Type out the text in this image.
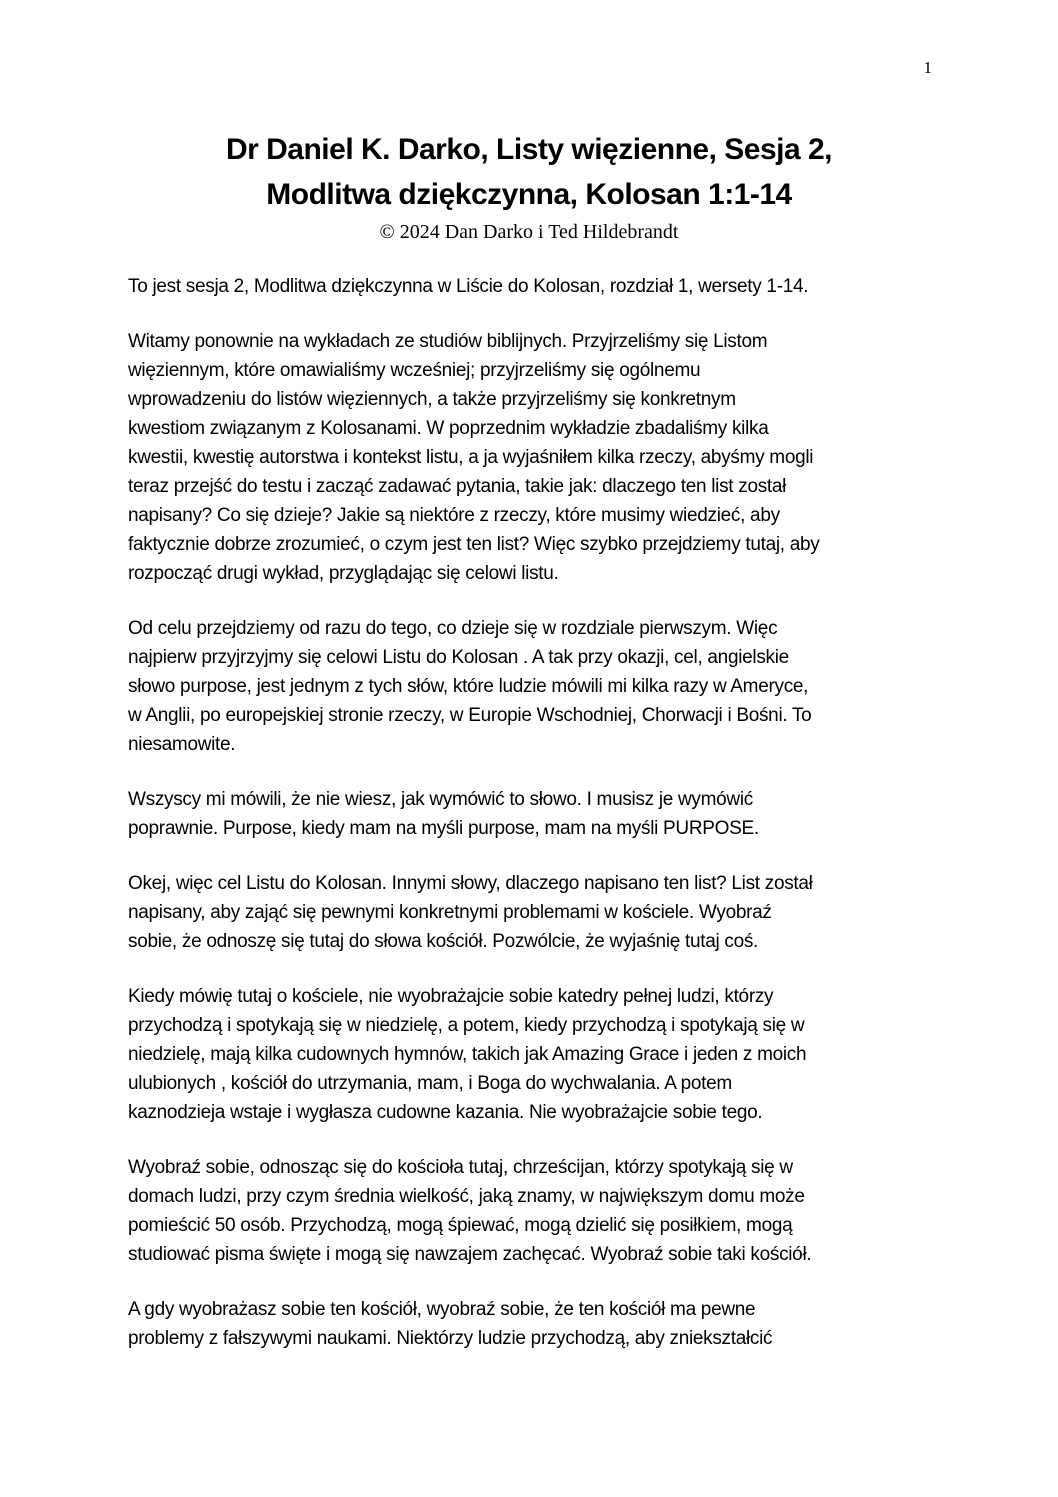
1
Dr Daniel K. Darko, Listy więzienne, Sesja 2,
Modlitwa dziękczynna, Kolosan 1:1-14
© 2024 Dan Darko i Ted Hildebrandt
To jest sesja 2, Modlitwa dziękczynna w Liście do Kolosan, rozdział 1, wersety 1-14.
Witamy ponownie na wykładach ze studiów biblijnych. Przyjrzeliśmy się Listom
więziennym, które omawialiśmy wcześniej; przyjrzeliśmy się ogólnemu
wprowadzeniu do listów więziennych, a także przyjrzeliśmy się konkretnym
kwestiom związanym z Kolosanami. W poprzednim wykładzie zbadaliśmy kilka
kwestii, kwestię autorstwa i kontekst listu, a ja wyjaśniłem kilka rzeczy, abyśmy mogli
teraz przejść do testu i zacząć zadawać pytania, takie jak: dlaczego ten list został
napisany? Co się dzieje? Jakie są niektóre z rzeczy, które musimy wiedzieć, aby
faktycznie dobrze zrozumieć, o czym jest ten list? Więc szybko przejdziemy tutaj, aby
rozpocząć drugi wykład, przyglądając się celowi listu.
Od celu przejdziemy od razu do tego, co dzieje się w rozdziale pierwszym. Więc
najpierw przyjrzyjmy się celowi Listu do Kolosan . A tak przy okazji, cel, angielskie
słowo purpose, jest jednym z tych słów, które ludzie mówili mi kilka razy w Ameryce,
w Anglii, po europejskiej stronie rzeczy, w Europie Wschodniej, Chorwacji i Bośni. To
niesamowite.
Wszyscy mi mówili, że nie wiesz, jak wymówić to słowo. I musisz je wymówić
poprawnie. Purpose, kiedy mam na myśli purpose, mam na myśli PURPOSE.
Okej, więc cel Listu do Kolosan. Innymi słowy, dlaczego napisano ten list? List został
napisany, aby zająć się pewnymi konkretnymi problemami w kościele. Wyobraź
sobie, że odnoszę się tutaj do słowa kościół. Pozwólcie, że wyjaśnię tutaj coś.
Kiedy mówię tutaj o kościele, nie wyobrażajcie sobie katedry pełnej ludzi, którzy
przychodzą i spotykają się w niedzielę, a potem, kiedy przychodzą i spotykają się w
niedzielę, mają kilka cudownych hymnów, takich jak Amazing Grace i jeden z moich
ulubionych , kościół do utrzymania, mam, i Boga do wychwalania. A potem
kaznodzieja wstaje i wygłasza cudowne kazania. Nie wyobrażajcie sobie tego.
Wyobraź sobie, odnosząc się do kościoła tutaj, chrześcijan, którzy spotykają się w
domach ludzi, przy czym średnia wielkość, jaką znamy, w największym domu może
pomieścić 50 osób. Przychodzą, mogą śpiewać, mogą dzielić się posiłkiem, mogą
studiować pisma święte i mogą się nawzajem zachęcać. Wyobraź sobie taki kościół.
A gdy wyobrażasz sobie ten kościół, wyobraź sobie, że ten kościół ma pewne
problemy z fałszywymi naukami. Niektórzy ludzie przychodzą, aby zniekształcić
